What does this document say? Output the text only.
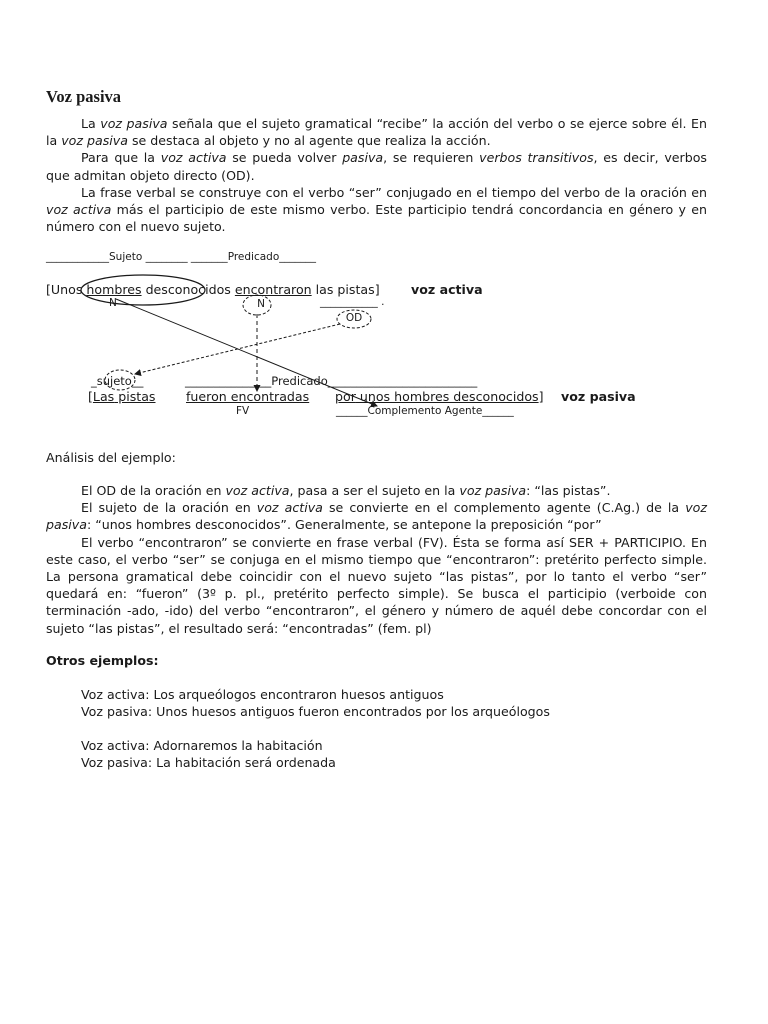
Voz pasiva

La voz pasiva señala que el sujeto gramatical “recibe” la acción del verbo o se ejerce sobre él. En la voz pasiva se destaca al objeto y no al agente que realiza la acción.

Para que la voz activa se pueda volver pasiva, se requieren verbos transitivos, es decir, verbos que admitan objeto directo (OD).

La frase verbal se construye con el verbo “ser” conjugado en el tiempo del verbo de la oración en voz activa más el participio de este mismo verbo. Este participio tendrá concordancia en género y en número con el nuevo sujeto.

____________Sujeto ________ _______Predicado_______
[Unos hombres desconocidos encontraron las pistas] voz activa
N	___________ .
N
OD
_sujeto__	_______________Predicado__________________________
[Las pistas fueron encontradas por unos hombres desconocidos] voz pasiva
FV	______Complemento Agente______
Análisis del ejemplo:

El OD de la oración en voz activa, pasa a ser el sujeto en la voz pasiva: “las pistas”.

El sujeto de la oración en voz activa se convierte en el complemento agente (C.Ag.) de la voz pasiva: “unos hombres desconocidos”. Generalmente, se antepone la preposición “por”

El verbo “encontraron” se convierte en frase verbal (FV). Ésta se forma así SER + PARTICIPIO. En este caso, el verbo “ser” se conjuga en el mismo tiempo que “encontraron”: pretérito perfecto simple. La persona gramatical debe coincidir con el nuevo sujeto “las pistas”, por lo tanto el verbo “ser” quedará en: “fueron” (3º p. pl., pretérito perfecto simple). Se busca el participio (verboide con terminación -ado, -ido) del verbo “encontraron”, el género y número de aquél debe concordar con el sujeto “las pistas”, el resultado será: “encontradas” (fem. pl)

Otros ejemplos:
Voz activa: Los arqueólogos encontraron huesos antiguos
Voz pasiva: Unos huesos antiguos fueron encontrados por los arqueólogos
Voz activa: Adornaremos la habitación
Voz pasiva: La habitación será ordenada
